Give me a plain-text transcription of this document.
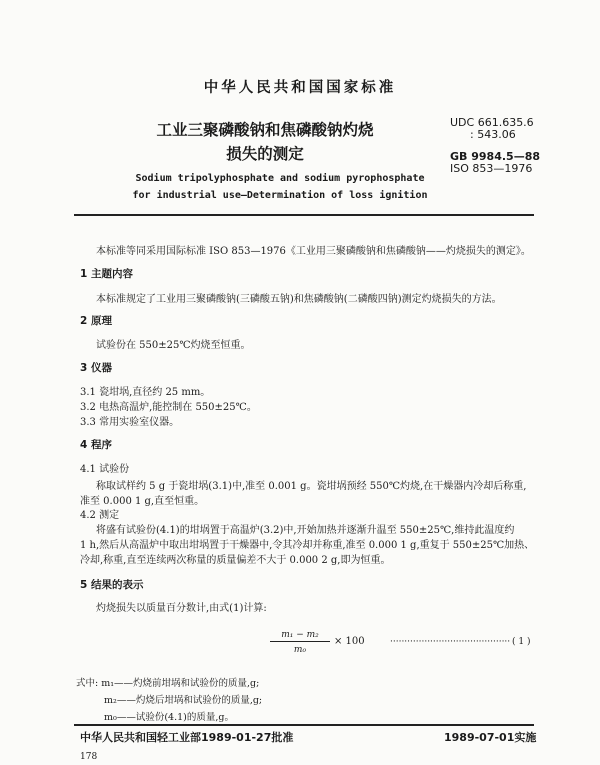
中华人民共和国国家标准
工业三聚磷酸钠和焦磷酸钠灼烧损失的测定
UDC 661.635.6
: 543.06
GB 9984.5—88
ISO 853—1976
Sodium tripolyphosphate and sodium pyrophosphate
for industrial use—Determination of loss ignition
本标准等同采用国际标准 ISO 853—1976《工业用三聚磷酸钠和焦磷酸钠——灼烧损失的测定》。
1 主题内容
本标准规定了工业用三聚磷酸钠(三磷酸五钠)和焦磷酸钠(二磷酸四钠)测定灼烧损失的方法。
2 原理
试验份在 550±25℃灼烧至恒重。
3 仪器
3.1 瓷坩埚,直径约 25 mm。
3.2 电热高温炉,能控制在 550±25℃。
3.3 常用实验室仪器。
4 程序
4.1 试验份
称取试样约 5 g 于瓷坩埚(3.1)中,准至 0.001 g。瓷坩埚预经 550℃灼烧,在干燥器内冷却后称重,
准至 0.000 1 g,直至恒重。
4.2 测定
将盛有试验份(4.1)的坩埚置于高温炉(3.2)中,开始加热并逐渐升温至 550±25℃,维持此温度约
1 h,然后从高温炉中取出坩埚置于干燥器中,令其冷却并称重,准至 0.000 1 g,重复于 550±25℃加热、
冷却,称重,直至连续两次称量的质量偏差不大于 0.000 2 g,即为恒重。
5 结果的表示
灼烧损失以质量百分数计,由式(1)计算:
m₁ − m₂
m₀
× 100	·········································· ( 1 )
式中: m₁——灼烧前坩埚和试验份的质量,g;
m₂——灼烧后坩埚和试验份的质量,g;
m₀——试验份(4.1)的质量,g。
中华人民共和国轻工业部1989-01-27批准	1989-07-01实施
178
